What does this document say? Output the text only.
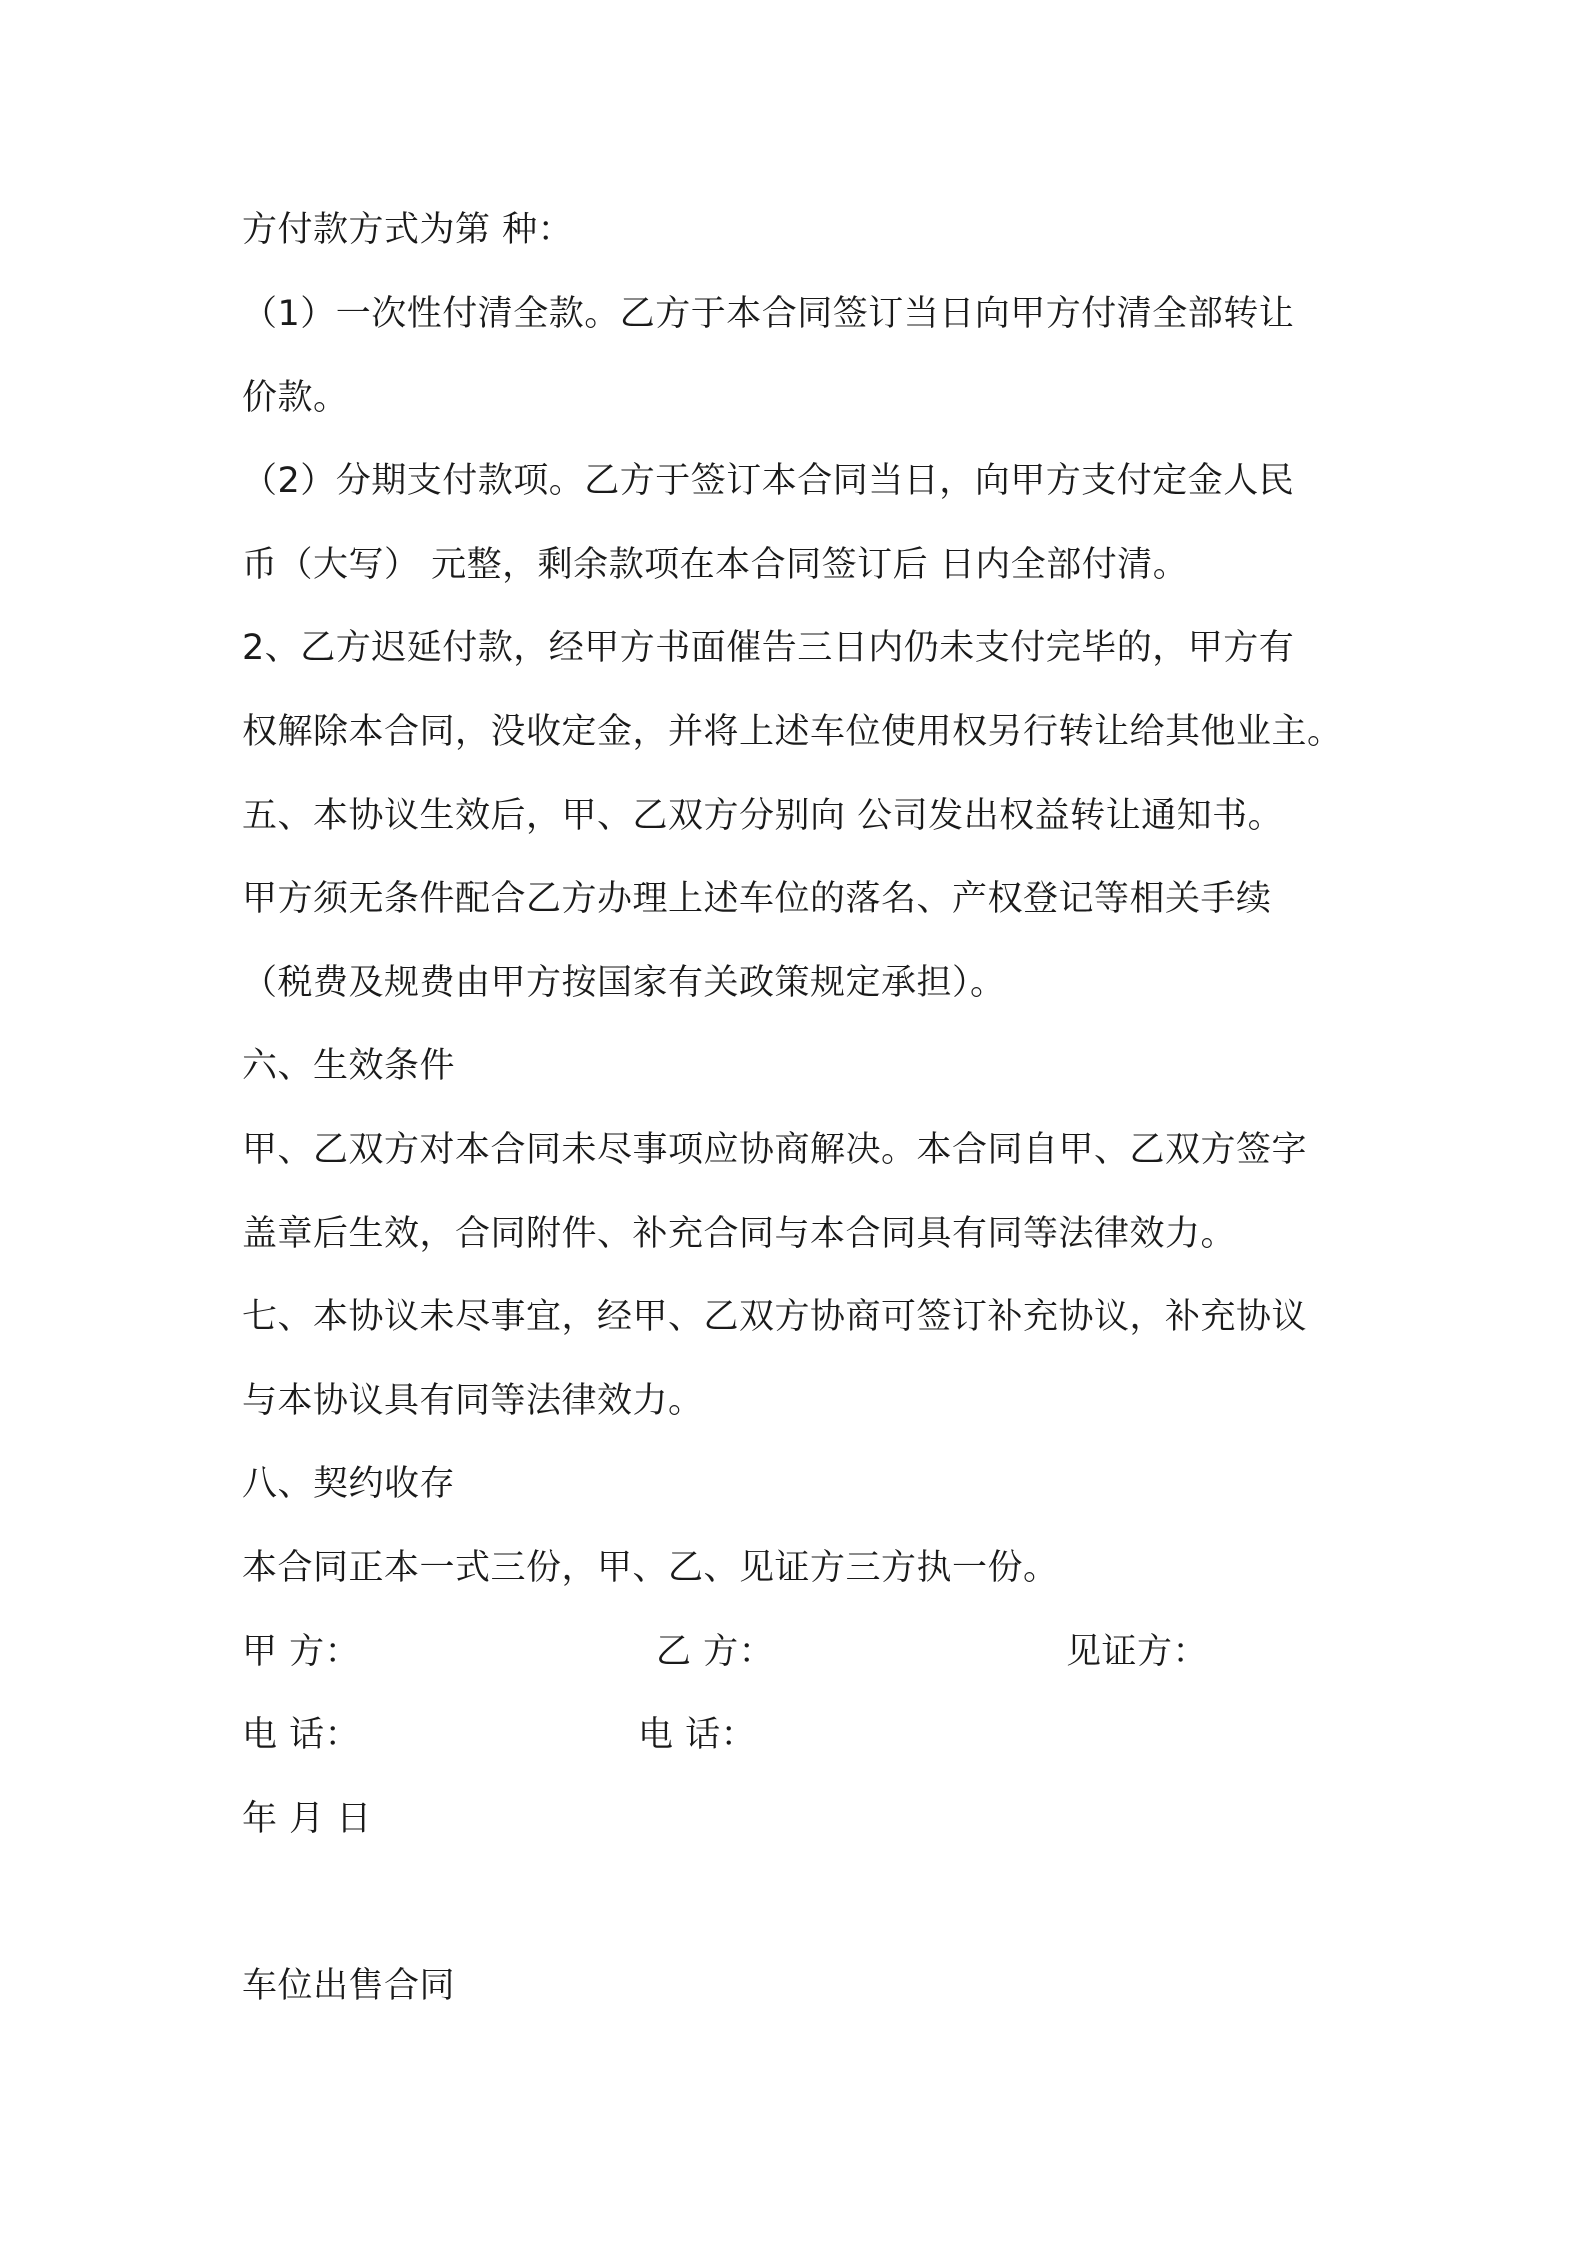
方付款方式为第 种：
（1）一次性付清全款。乙方于本合同签订当日向甲方付清全部转让
价款。
（2）分期支付款项。乙方于签订本合同当日，向甲方支付定金人民
币（大写） 元整，剩余款项在本合同签订后 日内全部付清。
2、乙方迟延付款，经甲方书面催告三日内仍未支付完毕的，甲方有
权解除本合同，没收定金，并将上述车位使用权另行转让给其他业主。
五、本协议生效后，甲、乙双方分别向 公司发出权益转让通知书。
甲方须无条件配合乙方办理上述车位的落名、产权登记等相关手续
（税费及规费由甲方按国家有关政策规定承担）。
六、生效条件
甲、乙双方对本合同未尽事项应协商解决。本合同自甲、乙双方签字
盖章后生效，合同附件、补充合同与本合同具有同等法律效力。
七、本协议未尽事宜，经甲、乙双方协商可签订补充协议，补充协议
与本协议具有同等法律效力。
八、契约收存
本合同正本一式三份，甲、乙、见证方三方执一份。
甲 方：	乙 方：	见证方：
电 话：	电 话：
年 月 日
车位出售合同
